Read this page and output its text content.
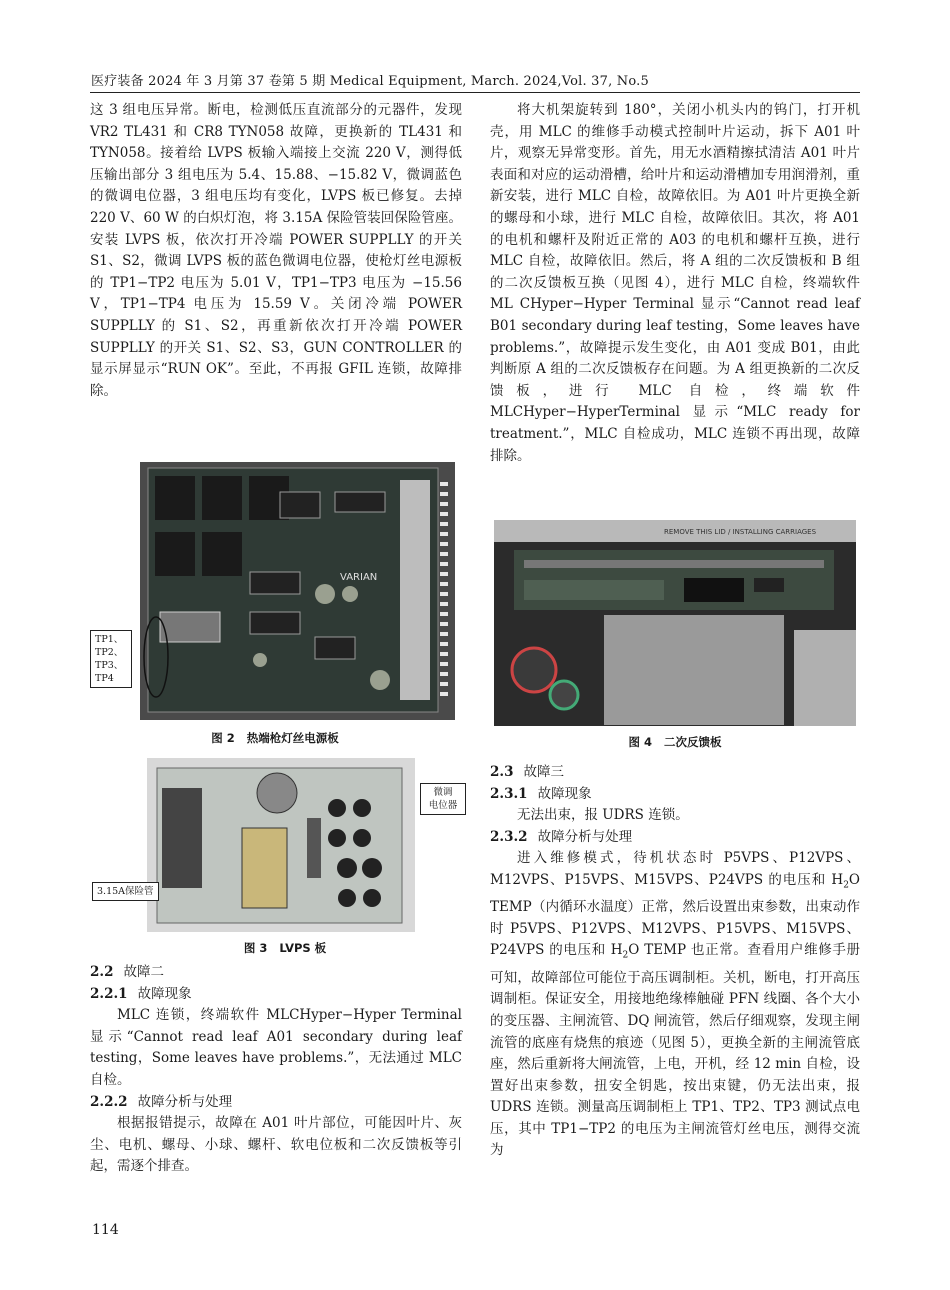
医疗装备 2024 年 3 月第 37 卷第 5 期 Medical Equipment, March. 2024,Vol. 37, No.5

这 3 组电压异常。断电，检测低压直流部分的元器件，发现 VR2 TL431 和 CR8 TYN058 故障，更换新的 TL431 和 TYN058。接着给 LVPS 板输入端接上交流 220 V，测得低压输出部分 3 组电压为 5.4、15.88、−15.82 V，微调蓝色的微调电位器，3 组电压均有变化，LVPS 板已修复。去掉 220 V、60 W 的白炽灯泡，将 3.15A 保险管装回保险管座。安装 LVPS 板，依次打开冷端 POWER SUPPLLY 的开关 S1、S2，微调 LVPS 板的蓝色微调电位器，使枪灯丝电源板的 TP1−TP2 电压为 5.01 V，TP1−TP3 电压为 −15.56 V，TP1−TP4 电压为 15.59 V。关闭冷端 POWER SUPPLLY 的 S1、S2，再重新依次打开冷端 POWER SUPPLLY 的开关 S1、S2、S3，GUN CONTROLLER 的显示屏显示“RUN OK”。至此，不再报 GFIL 连锁，故障排除。

VARIAN
TP1、
TP2、
TP3、
TP4
图 2 热端枪灯丝电源板
微调
电位器
3.15A保险管
图 3 LVPS 板

2.2 故障二

2.2.1 故障现象

MLC 连锁，终端软件 MLCHyper−Hyper Terminal 显示“Cannot read leaf A01 secondary during leaf testing，Some leaves have problems.”，无法通过 MLC 自检。

2.2.2 故障分析与处理

根据报错提示，故障在 A01 叶片部位，可能因叶片、灰尘、电机、螺母、小球、螺杆、软电位板和二次反馈板等引起，需逐个排查。

将大机架旋转到 180°，关闭小机头内的钨门，打开机壳，用 MLC 的维修手动模式控制叶片运动，拆下 A01 叶片，观察无异常变形。首先，用无水酒精擦拭清洁 A01 叶片表面和对应的运动滑槽，给叶片和运动滑槽加专用润滑剂，重新安装，进行 MLC 自检，故障依旧。为 A01 叶片更换全新的螺母和小球，进行 MLC 自检，故障依旧。其次，将 A01 的电机和螺杆及附近正常的 A03 的电机和螺杆互换，进行 MLC 自检，故障依旧。然后，将 A 组的二次反馈板和 B 组的二次反馈板互换（见图 4），进行 MLC 自检，终端软件 ML CHyper−Hyper Terminal 显示“Cannot read leaf B01 secondary during leaf testing，Some leaves have problems.”，故障提示发生变化，由 A01 变成 B01，由此判断原 A 组的二次反馈板存在问题。为 A 组更换新的二次反馈板，进行 MLC 自检，终端软件 MLCHyper−HyperTerminal 显示“MLC ready for treatment.”，MLC 自检成功，MLC 连锁不再出现，故障排除。

REMOVE THIS LID / INSTALLING CARRIAGES
图 4 二次反馈板

2.3 故障三

2.3.1 故障现象

无法出束，报 UDRS 连锁。

2.3.2 故障分析与处理

进入维修模式，待机状态时 P5VPS、P12VPS、M12VPS、P15VPS、M15VPS、P24VPS 的电压和 $H_2O$ TEMP（内循环水温度）正常，然后设置出束参数，出束动作时 P5VPS、P12VPS、M12VPS、P15VPS、M15VPS、P24VPS 的电压和 $H_2O$ TEMP 也正常。查看用户维修手册可知，故障部位可能位于高压调制柜。关机，断电，打开高压调制柜。保证安全，用接地绝缘棒触碰 PFN 线圈、各个大小的变压器、主闸流管、DQ 闸流管，然后仔细观察，发现主闸流管的底座有烧焦的痕迹（见图 5），更换全新的主闸流管底座，然后重新将大闸流管，上电，开机，经 12 min 自检，设置好出束参数，扭安全钥匙，按出束键，仍无法出束，报 UDRS 连锁。测量高压调制柜上 TP1、TP2、TP3 测试点电压，其中 TP1−TP2 的电压为主闸流管灯丝电压，测得交流为

114
